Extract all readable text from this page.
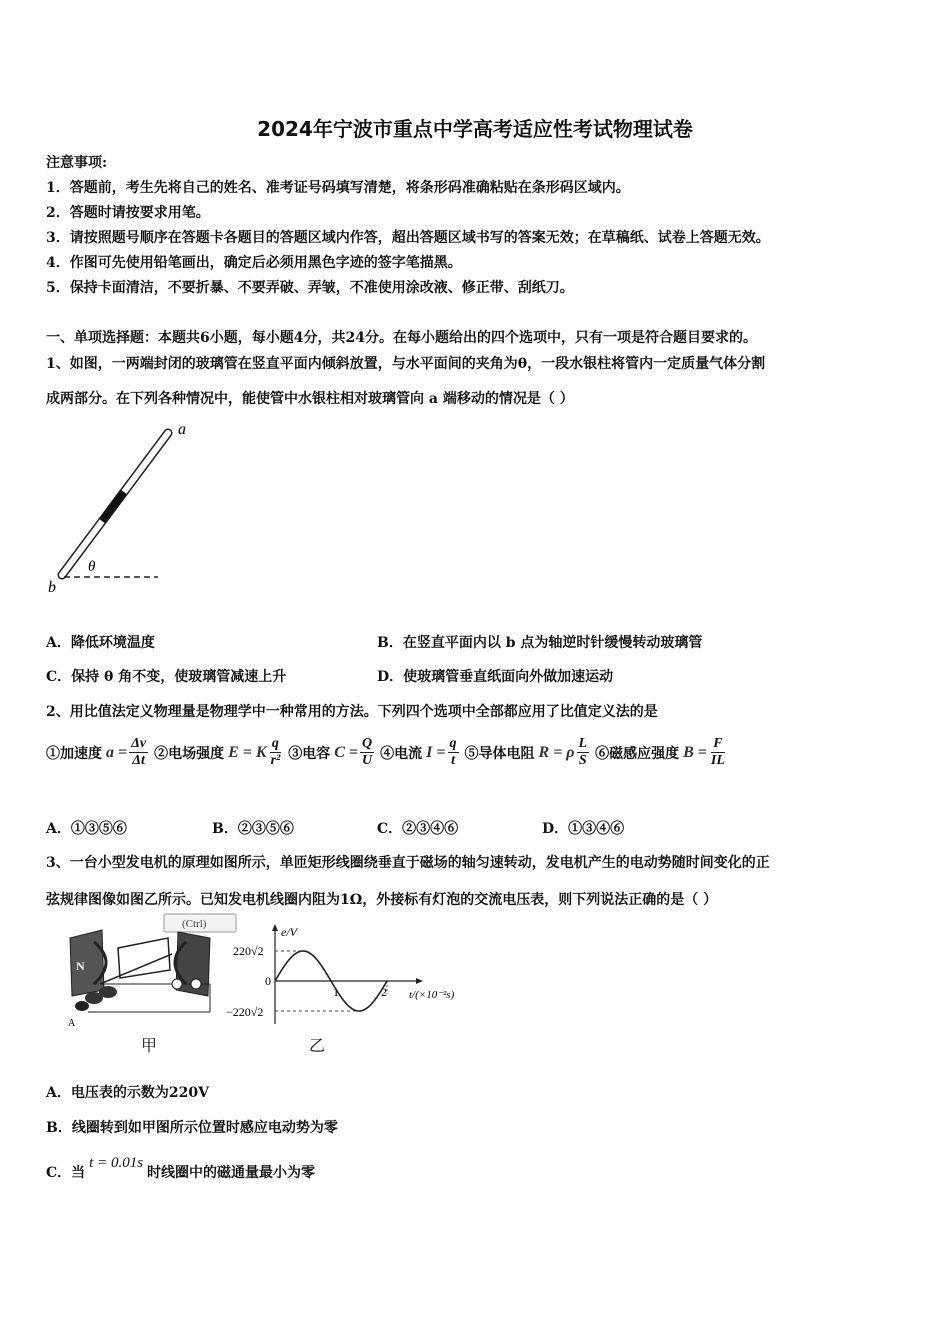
2024年宁波市重点中学高考适应性考试物理试卷
注意事项:
1．答题前，考生先将自己的姓名、准考证号码填写清楚，将条形码准确粘贴在条形码区域内。
2．答题时请按要求用笔。
3．请按照题号顺序在答题卡各题目的答题区域内作答，超出答题区域书写的答案无效；在草稿纸、试卷上答题无效。
4．作图可先使用铅笔画出，确定后必须用黑色字迹的签字笔描黑。
5．保持卡面清洁，不要折暴、不要弄破、弄皱，不准使用涂改液、修正带、刮纸刀。
一、单项选择题：本题共6小题，每小题4分，共24分。在每小题给出的四个选项中，只有一项是符合题目要求的。
1、如图，一两端封闭的玻璃管在竖直平面内倾斜放置，与水平面间的夹角为θ，一段水银柱将管内一定质量气体分割
成两部分。在下列各种情况中，能使管中水银柱相对玻璃管向 a 端移动的情况是（ ）
a
b
θ
A．降低环境温度	B．在竖直平面内以 b 点为轴逆时针缓慢转动玻璃管
C．保持 θ 角不变，使玻璃管减速上升	D．使玻璃管垂直纸面向外做加速运动
2、用比值法定义物理量是物理学中一种常用的方法。下列四个选项中全部都应用了比值定义法的是
①加速度 $a = \frac{\Delta v}{\Delta t}$ ②电场强度 E = K $\frac{q}{\text{r²}}$ ③电容 $C = \frac{Q}{U}$ ④电流 $I = \frac{q}{t}$ ⑤导体电阻 R = ρ $\frac{L}{S}$ ⑥磁感应强度 $B = \frac{F}{IL}$
A．①③⑤⑥	B．②③⑤⑥	C．②③④⑥	D．①③④⑥
3、一台小型发电机的原理如图所示，单匝矩形线圈绕垂直于磁场的轴匀速转动，发电机产生的电动势随时间变化的正
弦规律图像如图乙所示。已知发电机线圈内阻为1Ω，外接标有灯泡的交流电压表，则下列说法正确的是（ ）
(Ctrl)
N
A
甲
e/V
t/(×10⁻²s)
220√2
0
−220√2
1	2
乙
A．电压表的示数为220V
B．线圈转到如甲图所示位置时感应电动势为零
C．当t = 0.01s时线圈中的磁通量最小为零
